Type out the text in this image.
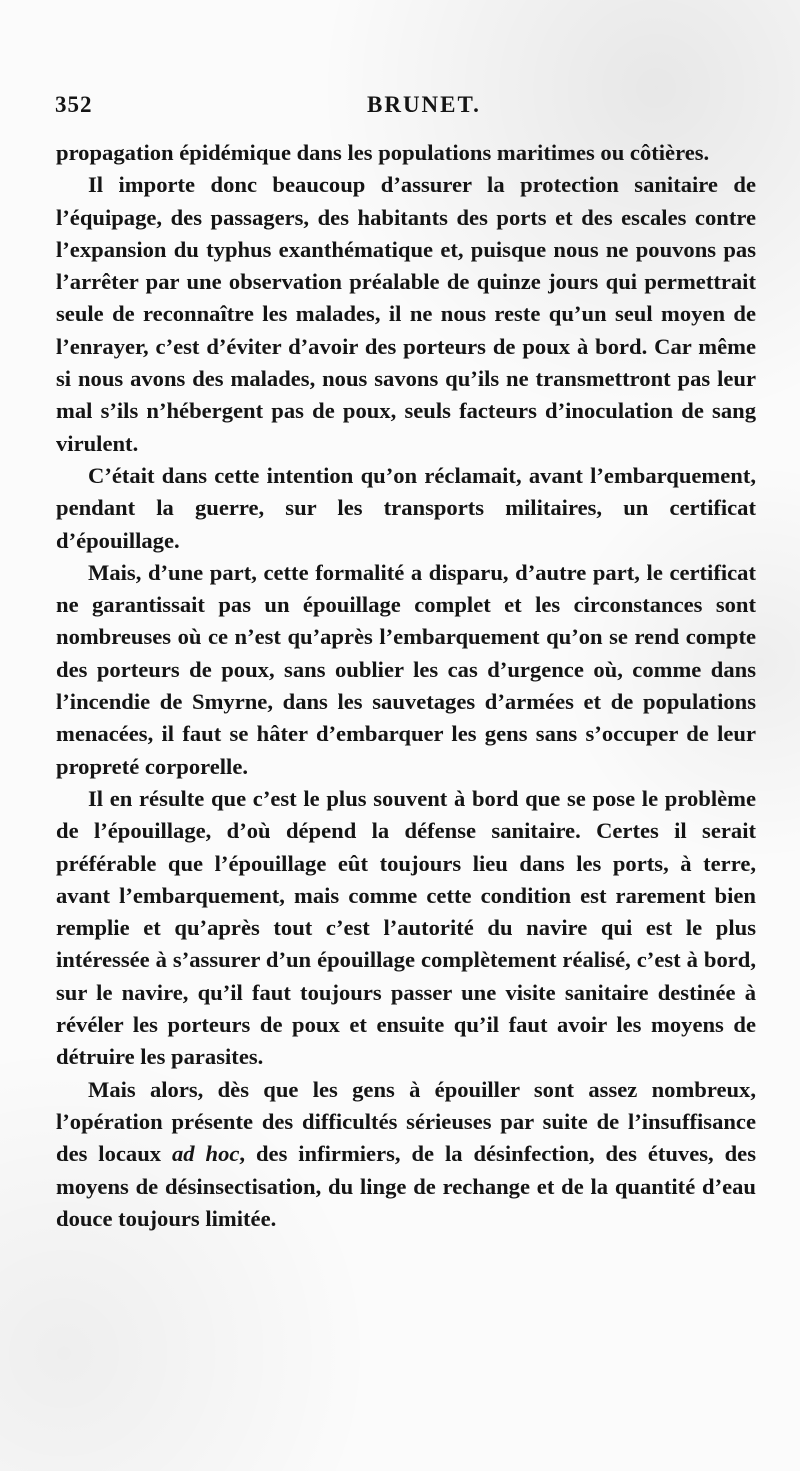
352	BRUNET.

propagation épidémique dans les populations maritimes ou côtières.

Il importe donc beaucoup d’assurer la protection sanitaire de l’équipage, des passagers, des habitants des ports et des escales contre l’expansion du typhus exanthématique et, puisque nous ne pouvons pas l’arrêter par une observation préalable de quinze jours qui permettrait seule de reconnaître les malades, il ne nous reste qu’un seul moyen de l’enrayer, c’est d’éviter d’avoir des porteurs de poux à bord. Car même si nous avons des malades, nous savons qu’ils ne transmettront pas leur mal s’ils n’hébergent pas de poux, seuls facteurs d’inoculation de sang virulent.

C’était dans cette intention qu’on réclamait, avant l’embarquement, pendant la guerre, sur les transports militaires, un certificat d’épouillage.

Mais, d’une part, cette formalité a disparu, d’autre part, le certificat ne garantissait pas un épouillage complet et les circonstances sont nombreuses où ce n’est qu’après l’embarquement qu’on se rend compte des porteurs de poux, sans oublier les cas d’urgence où, comme dans l’incendie de Smyrne, dans les sauvetages d’armées et de populations menacées, il faut se hâter d’embarquer les gens sans s’occuper de leur propreté corporelle.

Il en résulte que c’est le plus souvent à bord que se pose le problème de l’épouillage, d’où dépend la défense sanitaire. Certes il serait préférable que l’épouillage eût toujours lieu dans les ports, à terre, avant l’embarquement, mais comme cette condition est rarement bien remplie et qu’après tout c’est l’autorité du navire qui est le plus intéressée à s’assurer d’un épouillage complètement réalisé, c’est à bord, sur le navire, qu’il faut toujours passer une visite sanitaire destinée à révéler les porteurs de poux et ensuite qu’il faut avoir les moyens de détruire les parasites.

Mais alors, dès que les gens à épouiller sont assez nombreux, l’opération présente des difficultés sérieuses par suite de l’insuffisance des locaux ad hoc, des infirmiers, de la désinfection, des étuves, des moyens de désinsectisation, du linge de rechange et de la quantité d’eau douce toujours limitée.
